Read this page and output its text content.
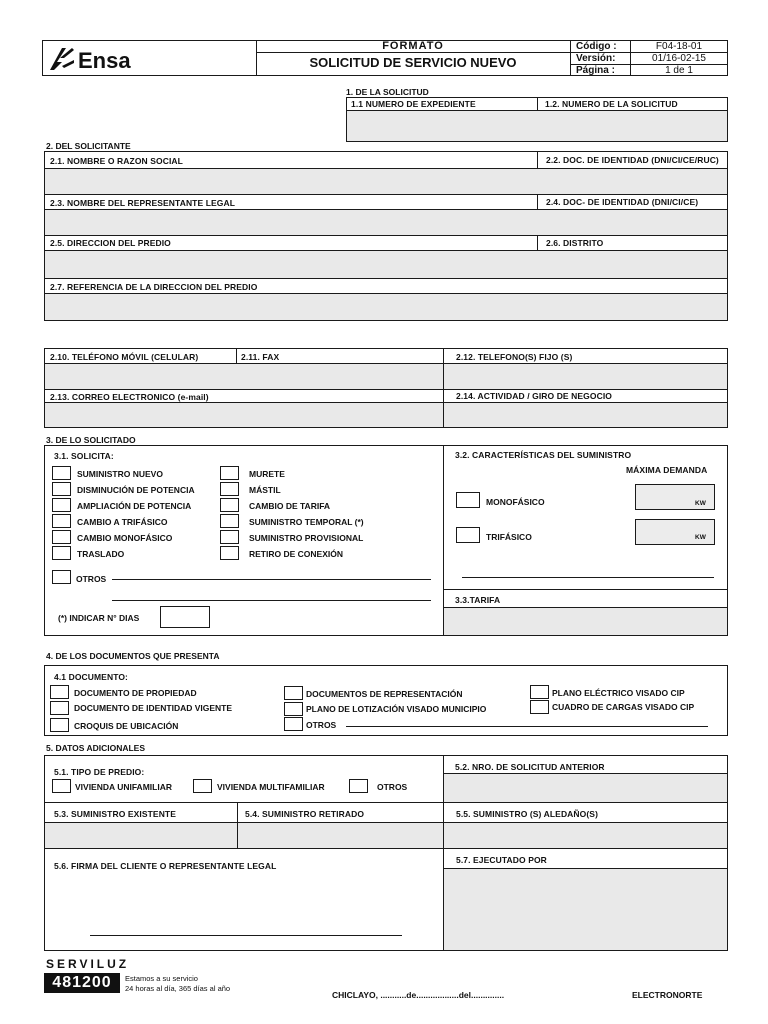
Ensa
FORMATO
SOLICITUD DE SERVICIO NUEVO
Código :	F04-18-01
Versión:	01/16-02-15
Página :	1 de 1
1. DE LA SOLICITUD
1.1 NUMERO DE EXPEDIENTE	1.2. NUMERO DE LA SOLICITUD
2. DEL SOLICITANTE
2.1. NOMBRE O RAZON SOCIAL	2.2. DOC. DE IDENTIDAD (DNI/CI/CE/RUC)
2.3. NOMBRE DEL REPRESENTANTE LEGAL	2.4. DOC- DE IDENTIDAD (DNI/CI/CE)
2.5. DIRECCION DEL PREDIO	2.6. DISTRITO
2.7. REFERENCIA DE LA DIRECCION DEL PREDIO
2.10. TELÉFONO MÓVIL (CELULAR)	2.11. FAX	2.12. TELEFONO(S) FIJO (S)
2.13. CORREO ELECTRONICO (e-mail)	2.14. ACTIVIDAD / GIRO DE NEGOCIO
3. DE LO SOLICITADO
3.1. SOLICITA:
SUMINISTRO NUEVO
DISMINUCIÓN DE POTENCIA
AMPLIACIÓN DE POTENCIA
CAMBIO A TRIFÁSICO
CAMBIO MONOFÁSICO
TRASLADO
MURETE
MÁSTIL
CAMBIO DE TARIFA
SUMINISTRO TEMPORAL (*)
SUMINISTRO PROVISIONAL
RETIRO DE CONEXIÓN
OTROS
(*) INDICAR N° DIAS
3.2. CARACTERÍSTICAS DEL SUMINISTRO
MÁXIMA DEMANDA
MONOFÁSICO	KW
TRIFÁSICO	KW
3.3.TARIFA
4. DE LOS DOCUMENTOS QUE PRESENTA
4.1 DOCUMENTO:
DOCUMENTO DE PROPIEDAD
DOCUMENTO DE IDENTIDAD VIGENTE
CROQUIS DE UBICACIÓN
DOCUMENTOS DE REPRESENTACIÓN
PLANO DE LOTIZACIÓN VISADO MUNICIPIO
OTROS
PLANO ELÉCTRICO VISADO CIP
CUADRO DE CARGAS VISADO CIP
5. DATOS ADICIONALES
5.1. TIPO DE PREDIO:
VIVIENDA UNIFAMILIAR	VIVIENDA MULTIFAMILIAR	OTROS
5.2. NRO. DE SOLICITUD ANTERIOR
5.3. SUMINISTRO EXISTENTE	5.4. SUMINISTRO RETIRADO	5.5. SUMINISTRO (S) ALEDAÑO(S)
5.6. FIRMA DEL CLIENTE O REPRESENTANTE LEGAL
5.7. EJECUTADO POR
SERVILUZ
481200	Estamos a su servicio
24 horas al día, 365 días al año
CHICLAYO, ...........de..................del..............	ELECTRONORTE
